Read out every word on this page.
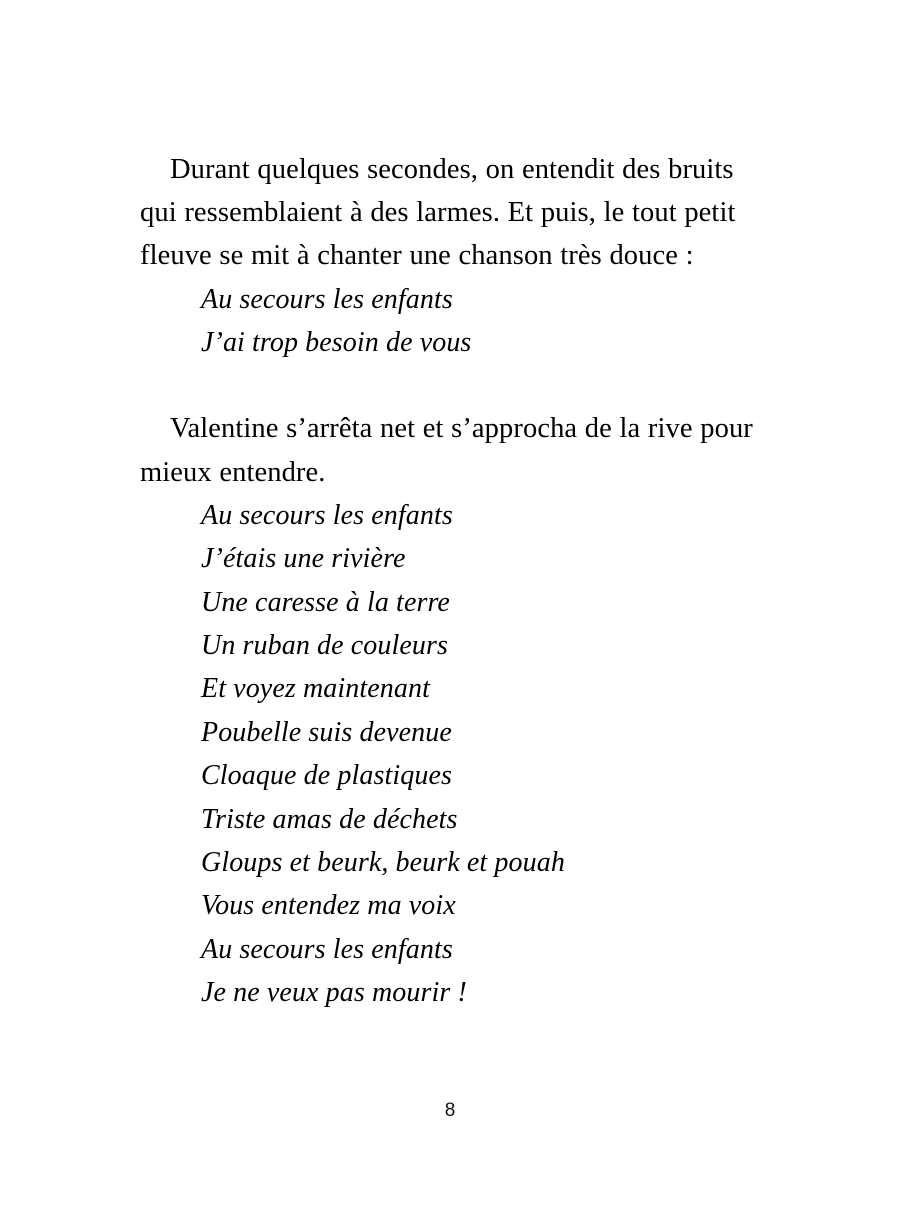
Durant quelques secondes, on entendit des bruits qui ressemblaient à des larmes. Et puis, le tout petit fleuve se mit à chanter une chanson très douce :

Au secours les enfants
J’ai trop besoin de vous

Valentine s’arrêta net et s’approcha de la rive pour mieux entendre.

Au secours les enfants
J’étais une rivière
Une caresse à la terre
Un ruban de couleurs
Et voyez maintenant
Poubelle suis devenue
Cloaque de plastiques
Triste amas de déchets
Gloups et beurk, beurk et pouah
Vous entendez ma voix
Au secours les enfants
Je ne veux pas mourir !
8
